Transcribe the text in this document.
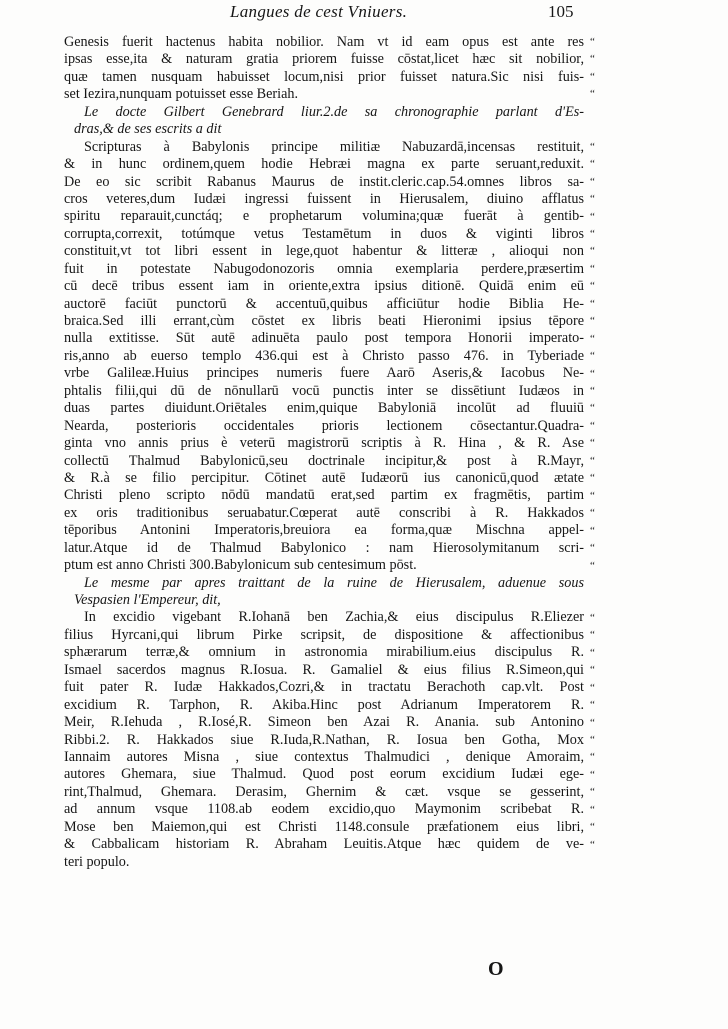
Langues de cest Vniuers.	105
Genesis fuerit hactenus habita nobilior. Nam vt id eam opus est ante res
ipsas esse,ita & naturam gratia priorem fuisse cōstat,licet hæc sit nobilior,
quæ tamen nusquam habuisset locum,nisi prior fuisset natura.Sic nisi fuis-
set Iezira,nunquam potuisset esse Beriah.
Le docte Gilbert Genebrard liur.2.de sa chronographie parlant d'Es-
dras,& de ses escrits a dit
Scripturas à Babylonis principe militiæ Nabuzardā,incensas restituit,
& in hunc ordinem,quem hodie Hebræi magna ex parte seruant,reduxit.
De eo sic scribit Rabanus Maurus de instit.cleric.cap.54.omnes libros sa-
cros veteres,dum Iudæi ingressi fuissent in Hierusalem, diuino afflatus
spiritu reparauit,cunctáq; e prophetarum volumina;quæ fuerāt à gentib-
corrupta,correxit, totúmque vetus Testamētum in duos & viginti libros
constituit,vt tot libri essent in lege,quot habentur & litteræ , alioqui non
fuit in potestate Nabugodonozoris omnia exemplaria perdere,præsertim
cū decē tribus essent iam in oriente,extra ipsius ditionē. Quidā enim eū
auctorē faciūt punctorū & accentuū,quibus afficiūtur hodie Biblia He-
braica.Sed illi errant,cùm cōstet ex libris beati Hieronimi ipsius tēpore
nulla extitisse. Sūt autē adinuēta paulo post tempora Honorii imperato-
ris,anno ab euerso templo 436.qui est à Christo passo 476. in Tyberiade
vrbe Galileæ.Huius principes numeris fuere Aarō Aseris,& Iacobus Ne-
phtalis filii,qui dū de nōnullarū vocū punctis inter se dissētiunt Iudæos in
duas partes diuidunt.Oriētales enim,quique Babyloniā incolūt ad fluuiū
Nearda, posterioris occidentales prioris lectionem cōsectantur.Quadra-
ginta vno annis prius è veterū magistrorū scriptis à R. Hina , & R. Ase
collectū Thalmud Babylonicū,seu doctrinale incipitur,& post à R.Mayr,
& R.à se filio percipitur. Cōtinet autē Iudæorū ius canonicū,quod ætate
Christi pleno scripto nōdū mandatū erat,sed partim ex fragmētis, partim
ex oris traditionibus seruabatur.Cœperat autē conscribi à R. Hakkados
tēporibus Antonini Imperatoris,breuiora ea forma,quæ Mischna appel-
latur.Atque id de Thalmud Babylonico : nam Hierosolymitanum scri-
ptum est anno Christi 300.Babylonicum sub centesimum pōst.
Le mesme par apres traittant de la ruine de Hierusalem, aduenue sous
Vespasien l'Empereur, dit,
In excidio vigebant R.Iohanā ben Zachia,& eius discipulus R.Eliezer
filius Hyrcani,qui librum Pirke scripsit, de dispositione & affectionibus
sphærarum terræ,& omnium in astronomia mirabilium.eius discipulus R.
Ismael sacerdos magnus R.Iosua. R. Gamaliel & eius filius R.Simeon,qui
fuit pater R. Iudæ Hakkados,Cozri,& in tractatu Berachoth cap.vlt. Post
excidium R. Tarphon, R. Akiba.Hinc post Adrianum Imperatorem R.
Meir, R.Iehuda , R.Iosé,R. Simeon ben Azai R. Anania. sub Antonino
Ribbi.2. R. Hakkados siue R.Iuda,R.Nathan, R. Iosua ben Gotha, Mox
Iannaim autores Misna , siue contextus Thalmudici , denique Amoraim,
autores Ghemara, siue Thalmud. Quod post eorum excidium Iudæi ege-
rint,Thalmud, Ghemara. Derasim, Ghernim & cæt. vsque se gesserint,
ad annum vsque 1108.ab eodem excidio,quo Maymonim scribebat R.
Mose ben Maiemon,qui est Christi 1148.consule præfationem eius libri,
& Cabbalicam historiam R. Abraham Leuitis.Atque hæc quidem de ve-
teri populo.
O
“
“
“
“
“
“
“
“
“
“
“
“
“
“
“
“
“
“
“
“
“
“
“
“
“
“
“
“
“
“
“
“
“
“
“
“
“
“
“
“
“
“
“
